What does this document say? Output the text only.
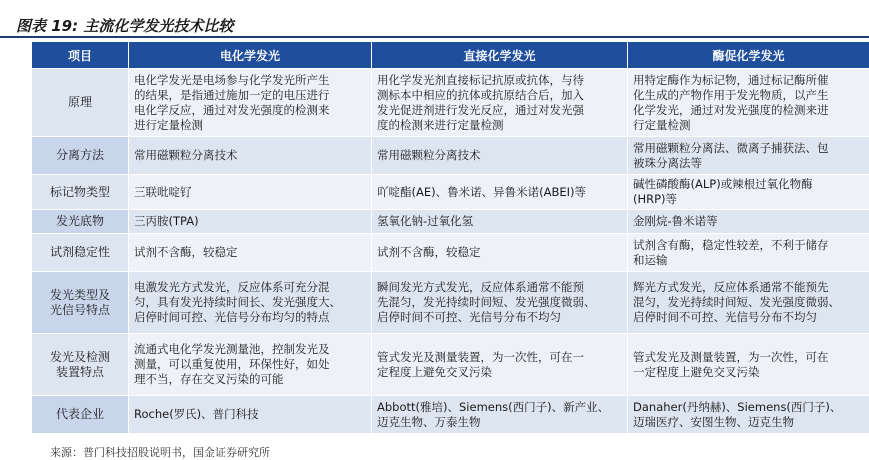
图表 19: 主流化学发光技术比较
项目	电化学发光	直接化学发光	酶促化学发光
原理	电化学发光是电场参与化学发光所产生
的结果，是指通过施加一定的电压进行
电化学反应，通过对发光强度的检测来
进行定量检测	用化学发光剂直接标记抗原或抗体，与待
测标本中相应的抗体或抗原结合后，加入
发光促进剂进行发光反应，通过对发光强
度的检测来进行定量检测	用特定酶作为标记物，通过标记酶所催
化生成的产物作用于发光物质，以产生
化学发光，通过对发光强度的检测来进
行定量检测
分离方法	常用磁颗粒分离技术	常用磁颗粒分离技术	常用磁颗粒分离法、微离子捕获法、包
被珠分离法等
标记物类型	三联吡啶钌	吖啶酯(AE)、鲁米诺、异鲁米诺(ABEI)等	碱性磷酸酶(ALP)或辣根过氧化物酶
(HRP)等
发光底物	三丙胺(TPA)	氢氧化钠-过氧化氢	金刚烷-鲁米诺等
试剂稳定性	试剂不含酶，较稳定	试剂不含酶，较稳定	试剂含有酶，稳定性较差，不利于储存
和运输
发光类型及
光信号特点	电激发光方式发光，反应体系可充分混
匀，具有发光持续时间长、发光强度大、
启停时间可控、光信号分布均匀的特点	瞬间发光方式发光，反应体系通常不能预
先混匀，发光持续时间短、发光强度微弱、
启停时间不可控、光信号分布不均匀	辉光方式发光，反应体系通常不能预先
混匀，发光持续时间短、发光强度微弱、
启停时间不可控、光信号分布不均匀
发光及检测
装置特点	流通式电化学发光测量池，控制发光及
测量，可以重复使用，环保性好，如处
理不当，存在交叉污染的可能	管式发光及测量装置，为一次性，可在一
定程度上避免交叉污染	管式发光及测量装置，为一次性，可在
一定程度上避免交叉污染
代表企业	Roche(罗氏)、普门科技	Abbott(雅培)、Siemens(西门子)、新产业、
迈克生物、万泰生物	Danaher(丹纳赫)、Siemens(西门子)、
迈瑞医疗、安图生物、迈克生物
来源：普门科技招股说明书，国金证券研究所
